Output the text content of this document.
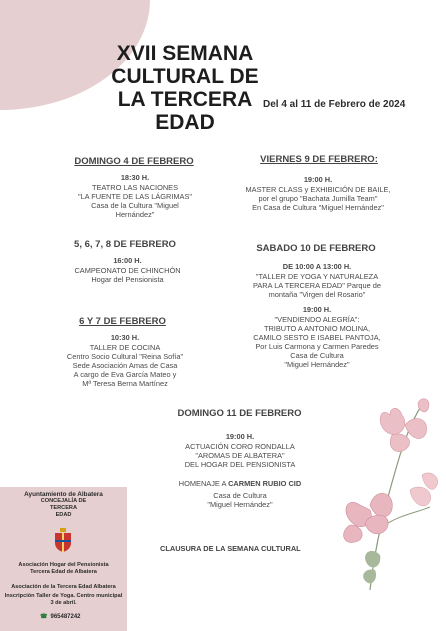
XVII SEMANA
CULTURAL DE
LA TERCERA
EDAD
Del 4 al 11 de Febrero de 2024
DOMINGO 4 DE FEBRERO
18:30 H.
TEATRO LAS NACIONES
"LA FUENTE DE LAS LÁGRIMAS"
Casa de la Cultura "Miguel
Hernández"
5, 6, 7, 8 DE FEBRERO
16:00 H.
CAMPEONATO DE CHINCHÓN
Hogar del Pensionista
6 Y 7 DE FEBRERO
10:30 H.
TALLER DE COCINA
Centro Socio Cultural "Reina Sofía"
Sede Asociación Amas de Casa
A cargo de Eva García Mateo y
Mª Teresa Berna Martínez
VIERNES 9 DE FEBRERO:
19:00 H.
MASTER CLASS y EXHIBICIÓN DE BAILE,
por el grupo "Bachata Jumilla Team"
En Casa de Cultura "Miguel Hernández"
SABADO 10 DE FEBRERO
DE 10:00 A 13:00 H.
"TALLER DE YOGA Y NATURALEZA
PARA LA TERCERA EDAD" Parque de
montaña "Virgen del Rosario"
19:00 H.
"VENDIENDO ALEGRÍA":
TRIBUTO A ANTONIO MOLINA,
CAMILO SESTO E ISABEL PANTOJA,
Por Luis Carmona y Carmen Paredes
Casa de Cultura
"Miguel Hernández"
DOMINGO 11 DE FEBRERO
19:00 H.
ACTUACIÓN CORO RONDALLA
"AROMAS DE ALBATERA"
DEL HOGAR DEL PENSIONISTA
HOMENAJE A CARMEN RUBIO CID
Casa de Cultura
"Miguel Hernández"
CLAUSURA DE LA SEMANA CULTURAL
Ayuntamiento de Albatera
CONCEJALÍA DE
TERCERA
EDAD
Asociación Hogar del Pensionista
Tercera Edad de Albatera
Asociación de la Tercera Edad Albatera
Inscripción Taller de Yoga. Centro municipal
3 de abril.
☎ 965487242
